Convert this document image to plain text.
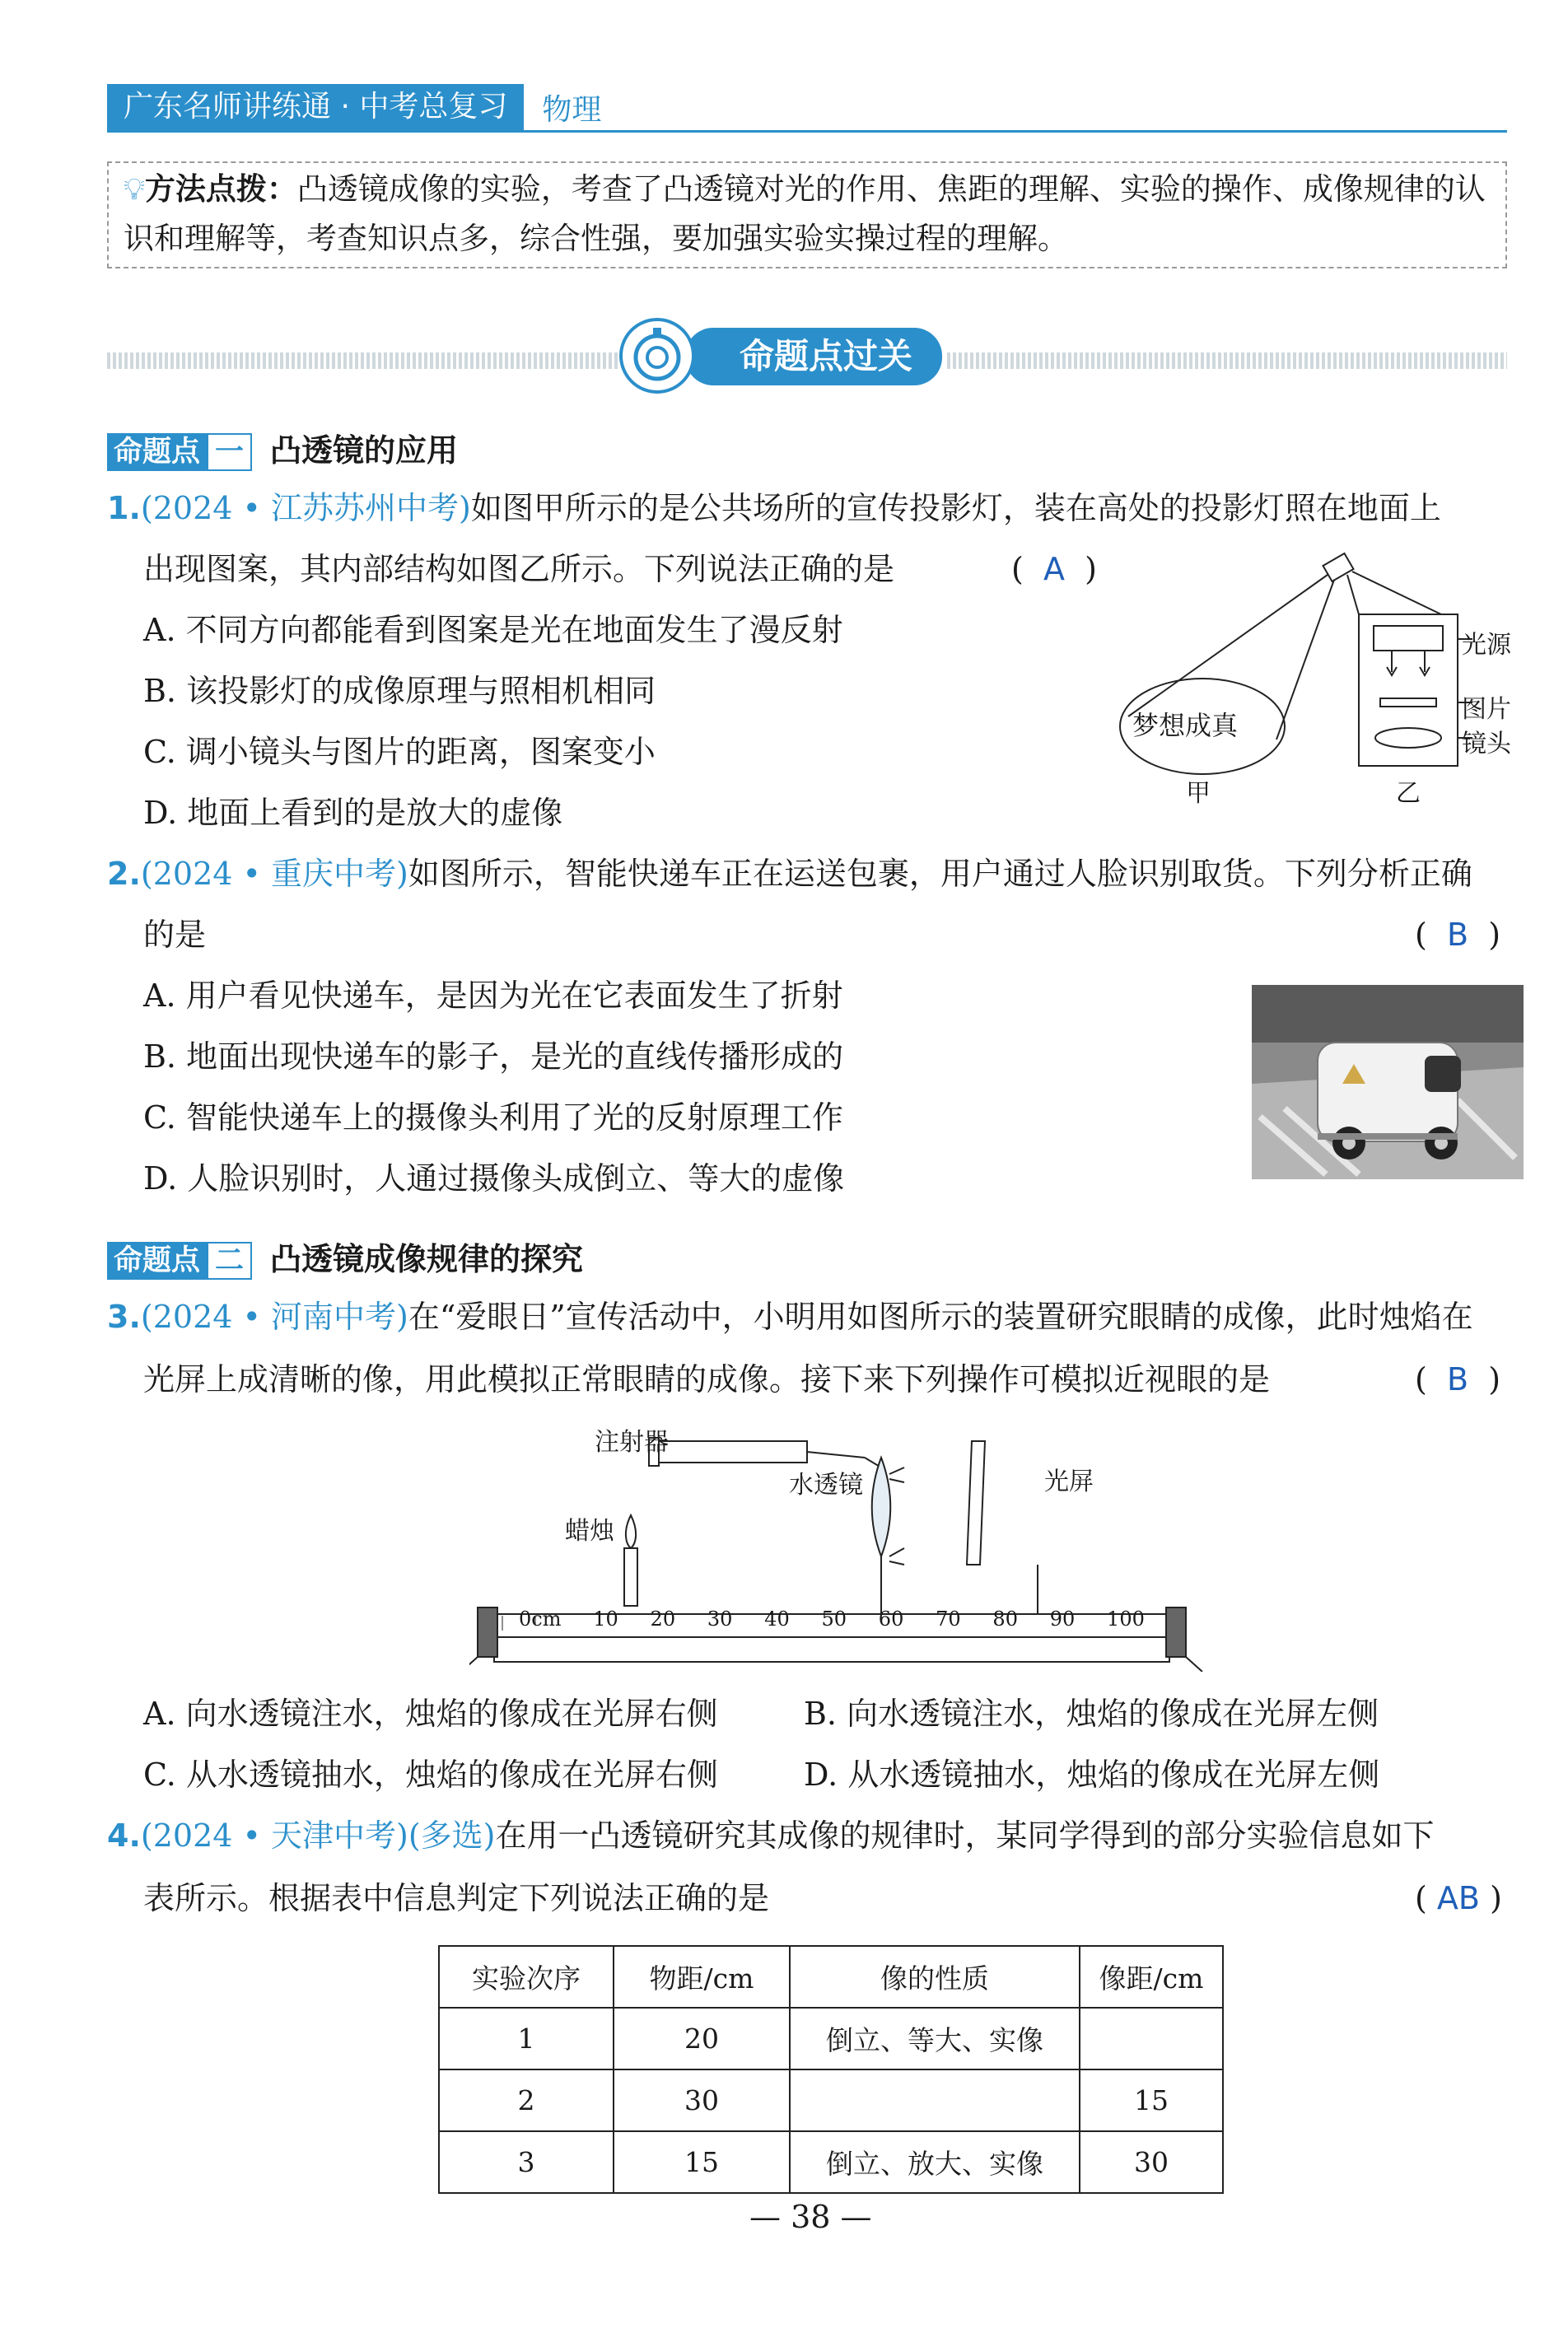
广东名师讲练通 · 中考总复习	物理
💡︎方法点拨：凸透镜成像的实验，考查了凸透镜对光的作用、焦距的理解、实验的操作、成像规律的认识和理解等，考查知识点多，综合性强，要加强实验实操过程的理解。
命题点过关
命题点 一 凸透镜的应用
1.(2024 • 江苏苏州中考)如图甲所示的是公共场所的宣传投影灯，装在高处的投影灯照在地面上
出现图案，其内部结构如图乙所示。下列说法正确的是	(  A  )
A. 不同方向都能看到图案是光在地面发生了漫反射
B. 该投影灯的成像原理与照相机相同
C. 调小镜头与图片的距离，图案变小
D. 地面上看到的是放大的虚像
梦想成真
甲	乙
光源
图片
镜头
2.(2024 • 重庆中考)如图所示，智能快递车正在运送包裹，用户通过人脸识别取货。下列分析正确
的是	(  B  )
A. 用户看见快递车，是因为光在它表面发生了折射
B. 地面出现快递车的影子，是光的直线传播形成的
C. 智能快递车上的摄像头利用了光的反射原理工作
D. 人脸识别时，人通过摄像头成倒立、等大的虚像
命题点 二 凸透镜成像规律的探究
3.(2024 • 河南中考)在“爱眼日”宣传活动中，小明用如图所示的装置研究眼睛的成像，此时烛焰在
光屏上成清晰的像，用此模拟正常眼睛的成像。接下来下列操作可模拟近视眼的是	(  B  )
注射器
水透镜	光屏
蜡烛
0cm 10 20 30 40 50 60 70 80 90 100
A. 向水透镜注水，烛焰的像成在光屏右侧	B. 向水透镜注水，烛焰的像成在光屏左侧
C. 从水透镜抽水，烛焰的像成在光屏右侧	D. 从水透镜抽水，烛焰的像成在光屏左侧
4.(2024 • 天津中考)(多选)在用一凸透镜研究其成像的规律时，某同学得到的部分实验信息如下
表所示。根据表中信息判定下列说法正确的是	( AB )
实验次序	物距/cm	像的性质	像距/cm
1	20	倒立、等大、实像	
2	30		15
3	15	倒立、放大、实像	30
— 38 —
